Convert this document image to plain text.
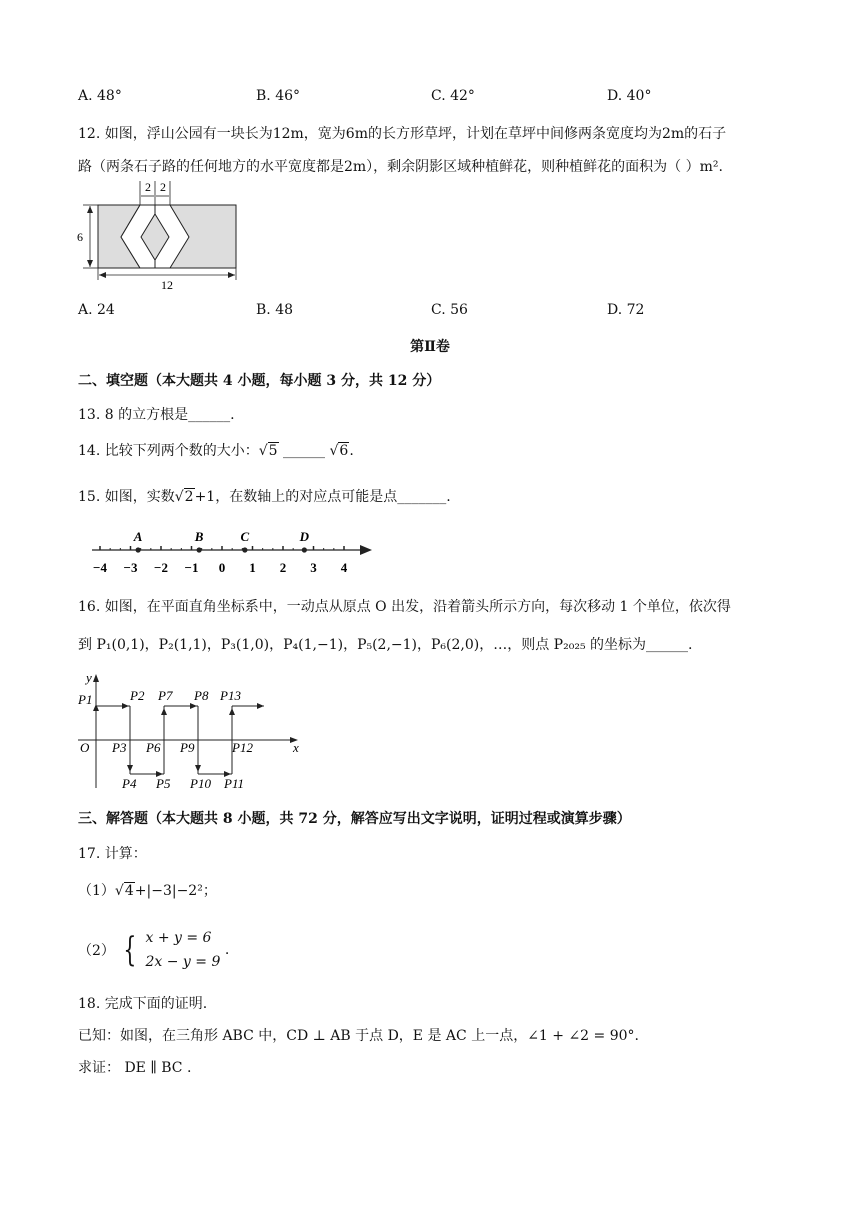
A. 48°	B. 46°	C. 42°	D. 40°
12. 如图，浮山公园有一块长为12m，宽为6m的长方形草坪，计划在草坪中间修两条宽度均为2m的石子
路（两条石子路的任何地方的水平宽度都是2m），剩余阴影区域种植鲜花，则种植鲜花的面积为（ ）m².
2 2
6
12
A. 24	B. 48	C. 56	D. 72
第Ⅱ卷
二、填空题（本大题共 4 小题，每小题 3 分，共 12 分）
13. 8 的立方根是______.
14. 比较下列两个数的大小：√5 ______ √6.
15. 如图，实数√2+1，在数轴上的对应点可能是点_______.
−4 −3 −2 −1 0 1 2 3 4
A	B	C	D
16. 如图，在平面直角坐标系中，一动点从原点 O 出发，沿着箭头所示方向，每次移动 1 个单位，依次得
到 P₁(0,1)，P₂(1,1)，P₃(1,0)，P₄(1,−1)，P₅(2,−1)，P₆(2,0)，…，则点 P₂₀₂₅ 的坐标为______.
y
x
O
P1	P2 P7 P8 P13
P3 P6 P9	P12
P4 P5 P10 P11
三、解答题（本大题共 8 小题，共 72 分，解答应写出文字说明，证明过程或演算步骤）
17. 计算：
（1）√4+|−3|−2²；
（2） { x + y = 6
2x − y = 9
.
18. 完成下面的证明.
已知：如图，在三角形 ABC 中，CD ⊥ AB 于点 D，E 是 AC 上一点，∠1 + ∠2 = 90°.
求证： DE ∥ BC .
